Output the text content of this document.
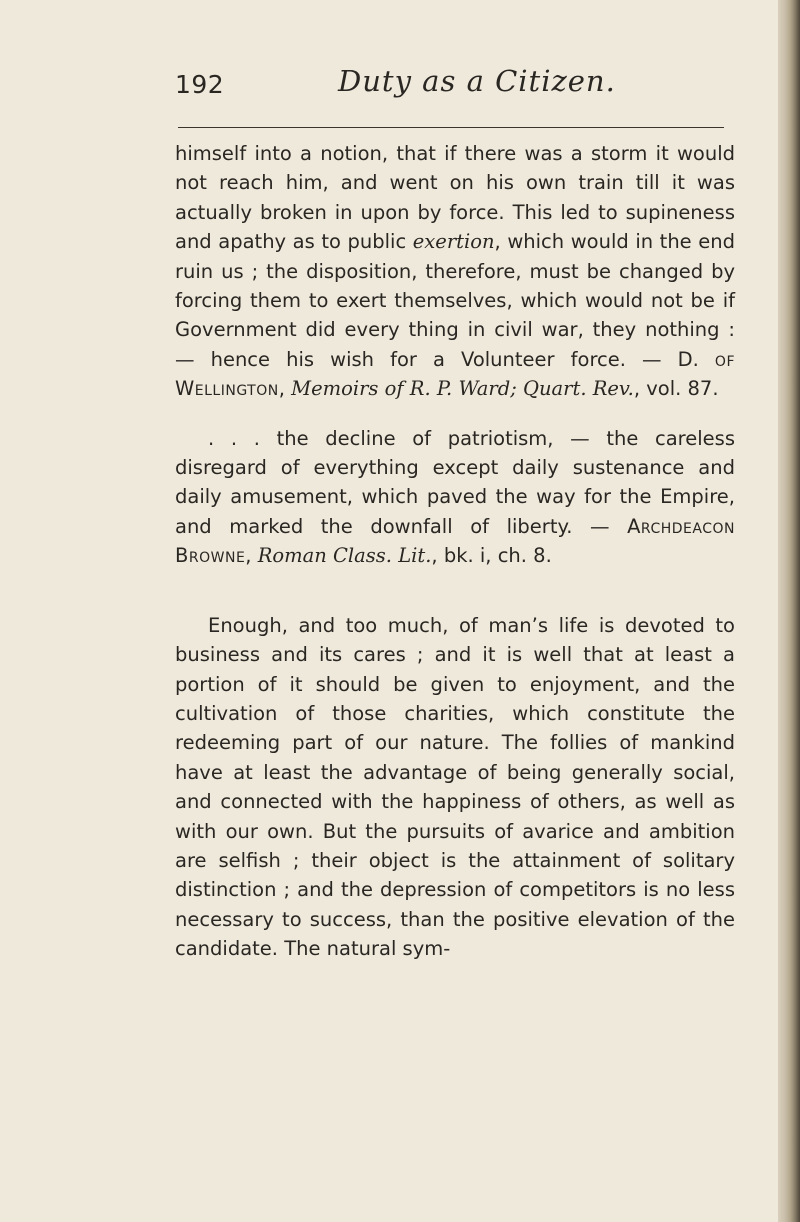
192	Duty as a Citizen.

himself into a notion, that if there was a storm it would not reach him, and went on his own train till it was actually broken in upon by force. This led to supineness and apathy as to public exertion, which would in the end ruin us ; the disposition, therefore, must be changed by forcing them to exert themselves, which would not be if Government did every thing in civil war, they nothing : — hence his wish for a Volunteer force. — D. of Wellington, Memoirs of R. P. Ward; Quart. Rev., vol. 87.

. . . the decline of patriotism, — the careless disregard of everything except daily sustenance and daily amusement, which paved the way for the Empire, and marked the downfall of liberty. — Archdeacon Browne, Roman Class. Lit., bk. i, ch. 8.

Enough, and too much, of man’s life is devoted to business and its cares ; and it is well that at least a portion of it should be given to enjoyment, and the cultivation of those charities, which constitute the redeeming part of our nature. The follies of mankind have at least the advantage of being generally social, and connected with the happiness of others, as well as with our own. But the pursuits of avarice and ambition are selfish ; their object is the attainment of solitary distinction ; and the depression of competitors is no less necessary to success, than the positive elevation of the candidate. The natural sym-
